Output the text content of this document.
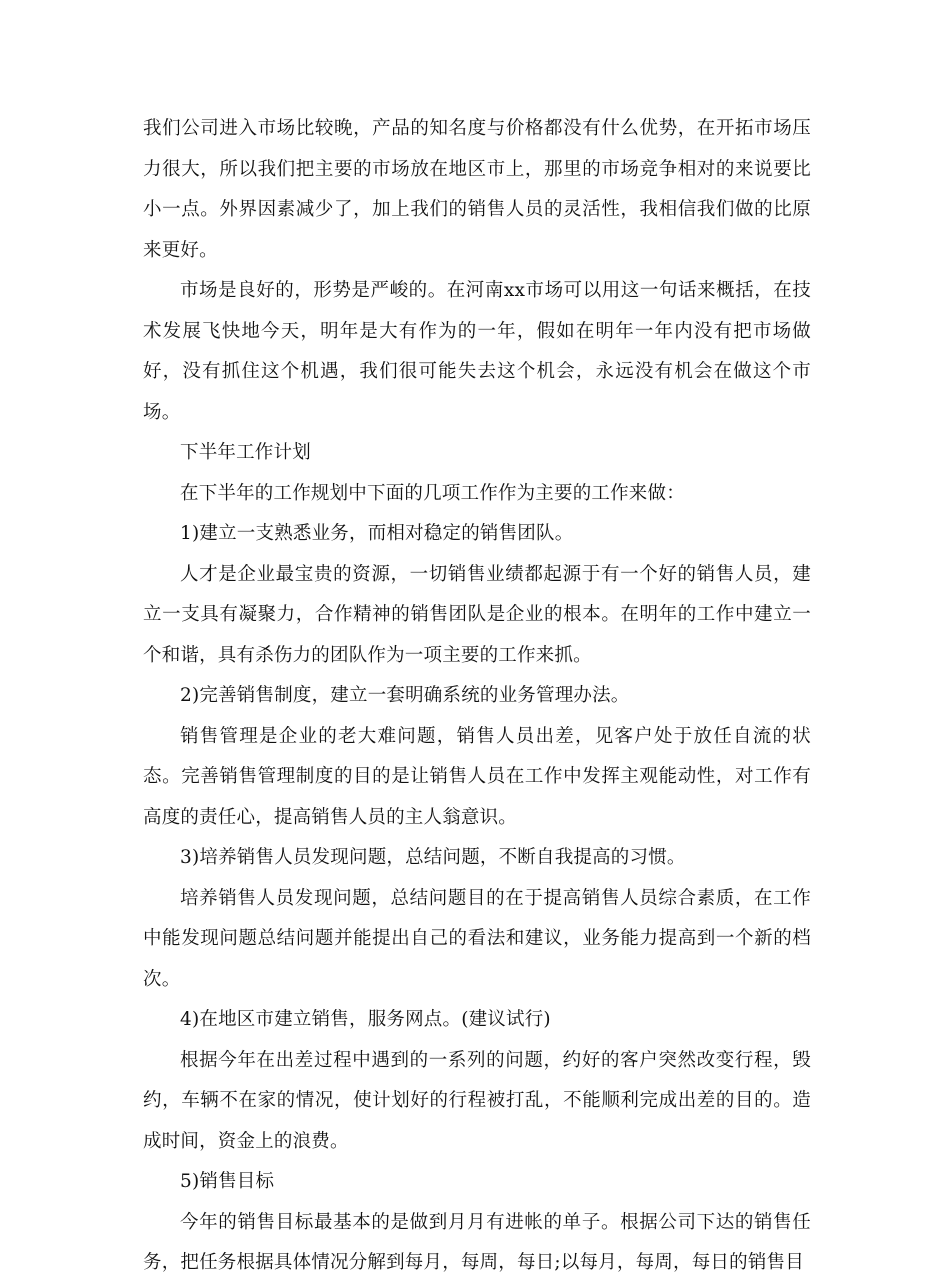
我们公司进入市场比较晚，产品的知名度与价格都没有什么优势，在开拓市场压力很大，所以我们把主要的市场放在地区市上，那里的市场竞争相对的来说要比小一点。外界因素减少了，加上我们的销售人员的灵活性，我相信我们做的比原来更好。

市场是良好的，形势是严峻的。在河南xx市场可以用这一句话来概括，在技术发展飞快地今天，明年是大有作为的一年，假如在明年一年内没有把市场做好，没有抓住这个机遇，我们很可能失去这个机会，永远没有机会在做这个市场。

下半年工作计划

在下半年的工作规划中下面的几项工作作为主要的工作来做：

1)建立一支熟悉业务，而相对稳定的销售团队。

人才是企业最宝贵的资源，一切销售业绩都起源于有一个好的销售人员，建立一支具有凝聚力，合作精神的销售团队是企业的根本。在明年的工作中建立一个和谐，具有杀伤力的团队作为一项主要的工作来抓。

2)完善销售制度，建立一套明确系统的业务管理办法。

销售管理是企业的老大难问题，销售人员出差，见客户处于放任自流的状态。完善销售管理制度的目的是让销售人员在工作中发挥主观能动性，对工作有高度的责任心，提高销售人员的主人翁意识。

3)培养销售人员发现问题，总结问题，不断自我提高的习惯。

培养销售人员发现问题，总结问题目的在于提高销售人员综合素质，在工作中能发现问题总结问题并能提出自己的看法和建议，业务能力提高到一个新的档次。

4)在地区市建立销售，服务网点。(建议试行)

根据今年在出差过程中遇到的一系列的问题，约好的客户突然改变行程，毁约，车辆不在家的情况，使计划好的行程被打乱，不能顺利完成出差的目的。造成时间，资金上的浪费。

5)销售目标

今年的销售目标最基本的是做到月月有进帐的单子。根据公司下达的销售任务，把任务根据具体情况分解到每月，每周，每日;以每月，每周，每日的销售目
